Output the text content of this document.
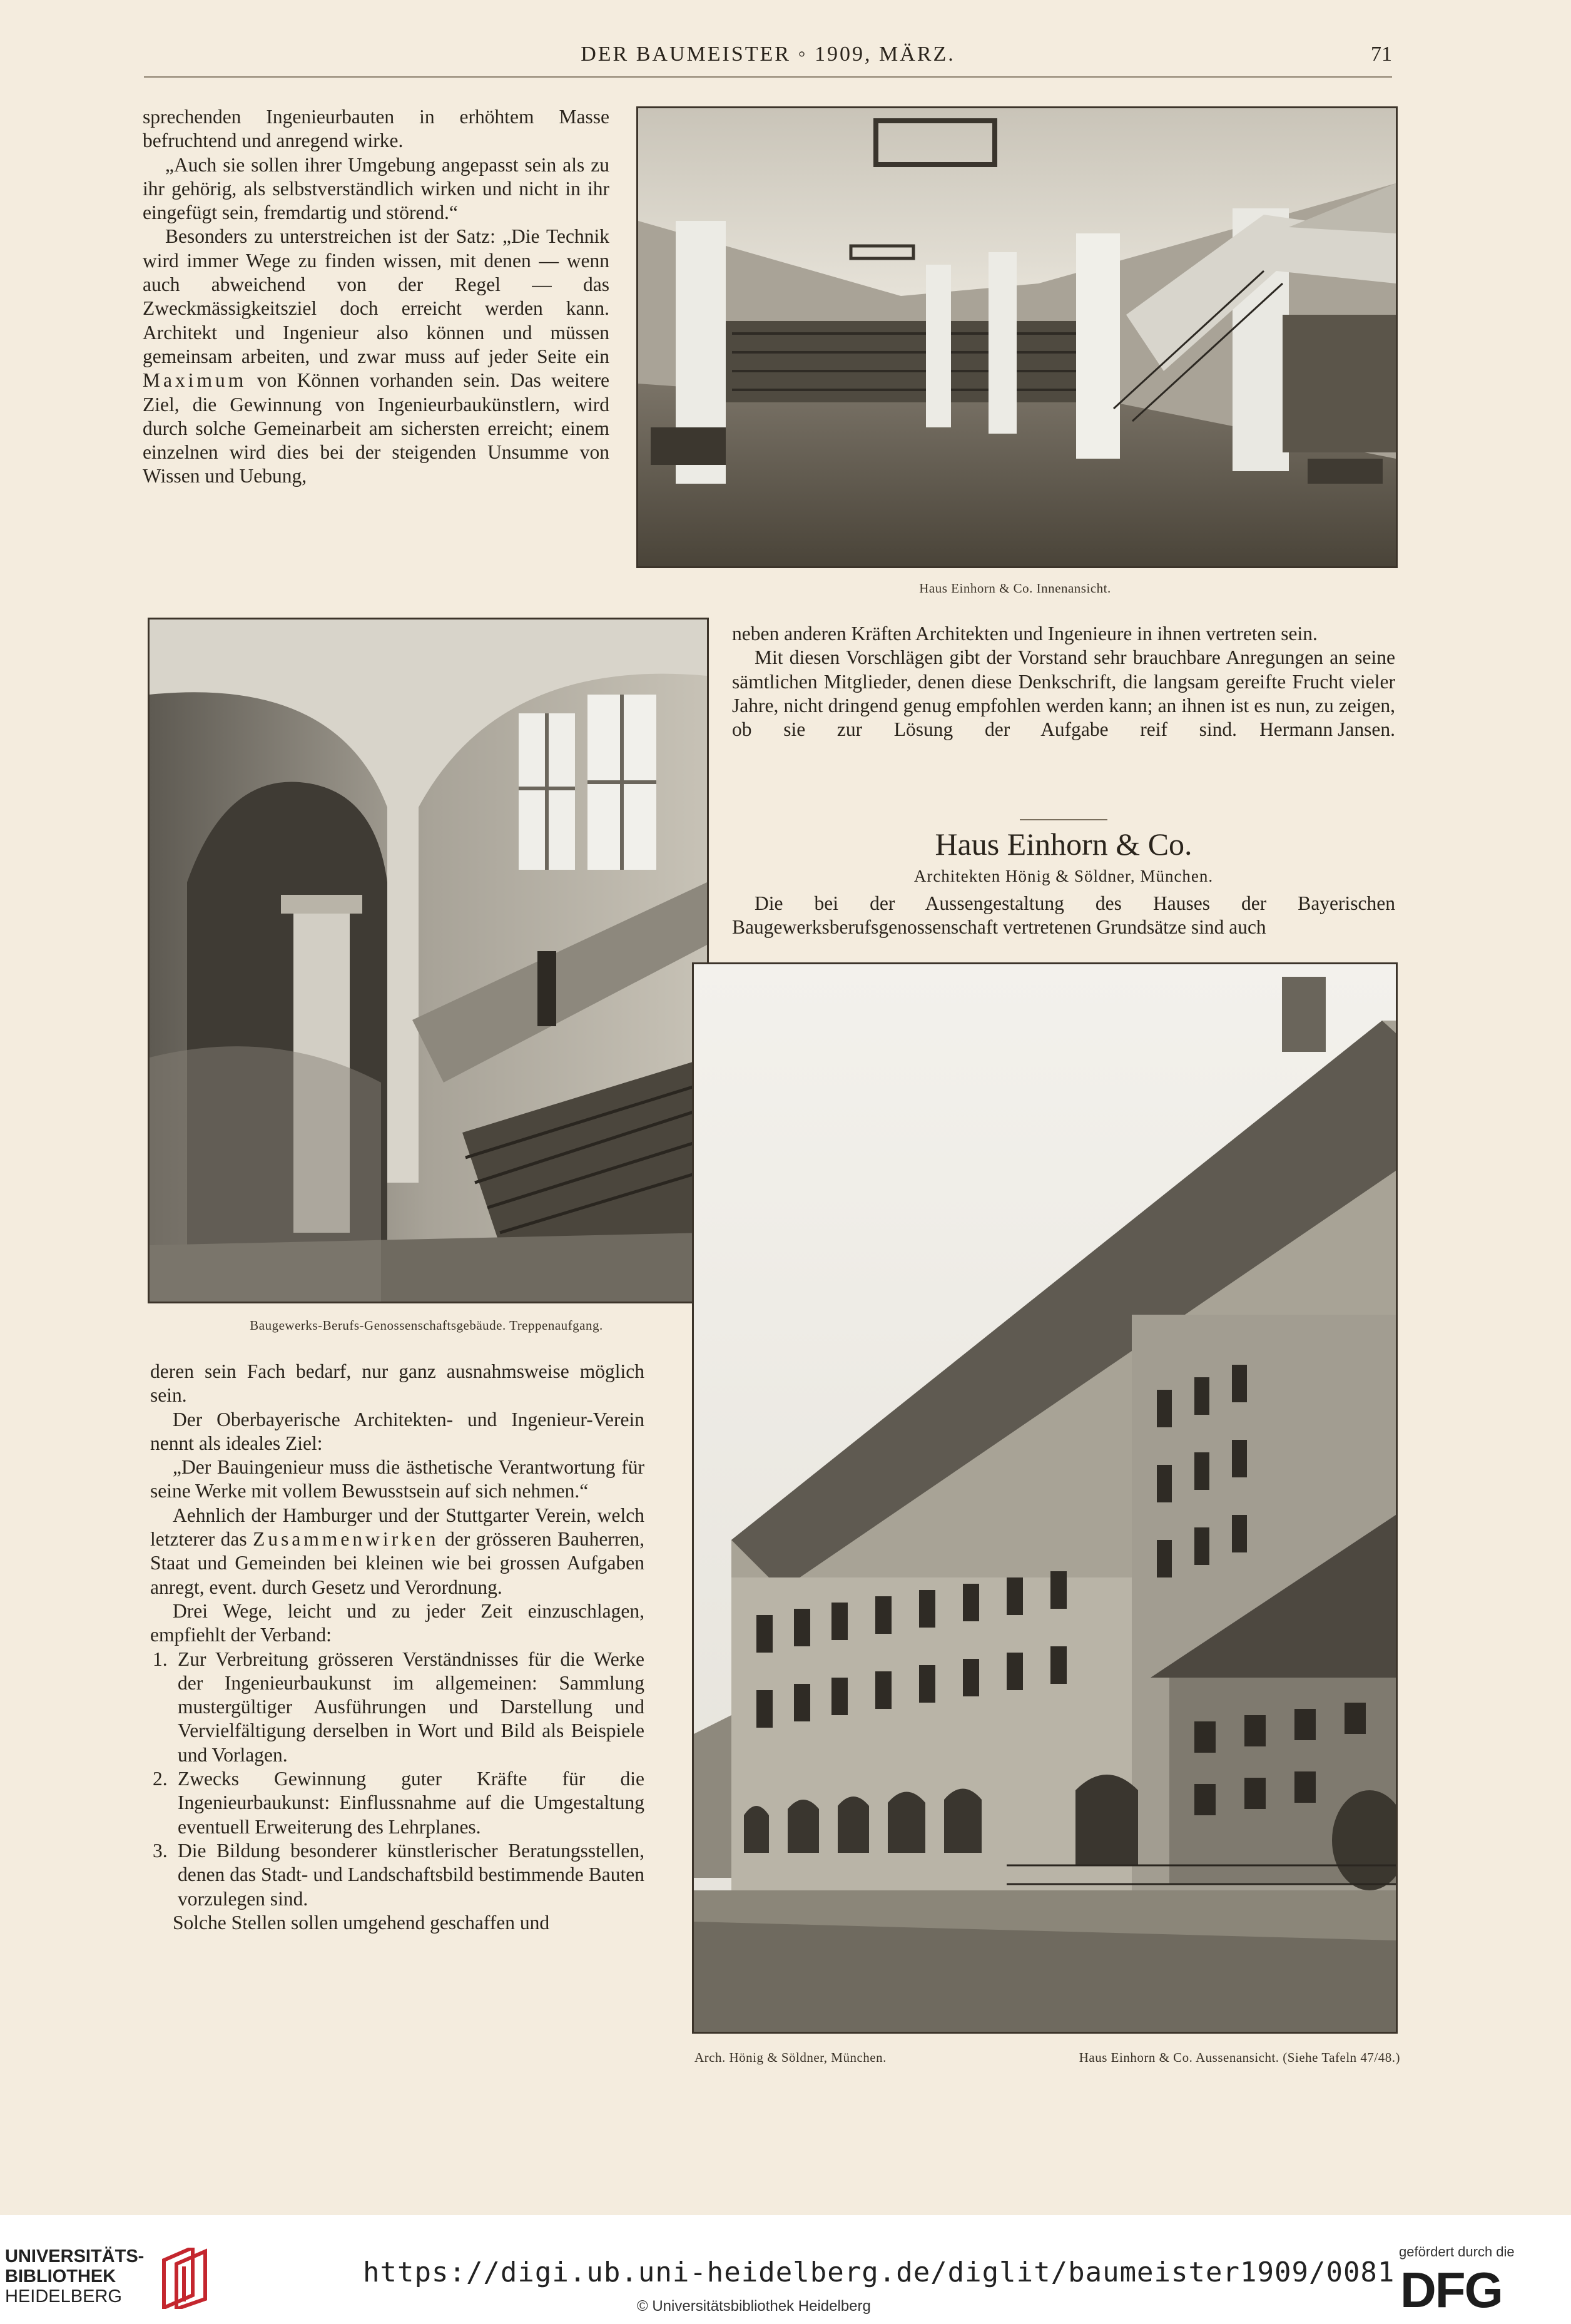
DER BAUMEISTER ◦ 1909, MÄRZ.	71

sprechenden Ingenieurbauten in erhöhtem Masse befruchtend und anregend wirke.

„Auch sie sollen ihrer Umgebung angepasst sein als zu ihr gehörig, als selbstverständlich wirken und nicht in ihr eingefügt sein, fremdartig und störend.“

Besonders zu unterstreichen ist der Satz: „Die Technik wird immer Wege zu finden wissen, mit denen — wenn auch abweichend von der Regel — das Zweckmässigkeitsziel doch erreicht werden kann. Architekt und Ingenieur also können und müssen gemeinsam arbeiten, und zwar muss auf jeder Seite ein Maximum von Können vorhanden sein. Das weitere Ziel, die Gewinnung von Ingenieurbaukünstlern, wird durch solche Gemeinarbeit am sichersten erreicht; einem einzelnen wird dies bei der steigenden Unsumme von Wissen und Uebung,

Haus Einhorn & Co. Innenansicht.
Baugewerks-Berufs-Genossenschaftsgebäude. Treppenaufgang.

neben anderen Kräften Architekten und Ingenieure in ihnen vertreten sein.

Mit diesen Vorschlägen gibt der Vorstand sehr brauchbare Anregungen an seine sämtlichen Mitglieder, denen diese Denkschrift, die langsam gereifte Frucht vieler Jahre, nicht dringend genug empfohlen werden kann; an ihnen ist es nun, zu zeigen, ob sie zur Lösung der Aufgabe reif sind.	Hermann Jansen.

Haus Einhorn & Co.
Architekten Hönig & Söldner, München.

Die bei der Aussengestaltung des Hauses der Bayerischen Baugewerksberufsgenossenschaft vertretenen Grundsätze sind auch

Arch. Hönig & Söldner, München.	Haus Einhorn & Co. Aussenansicht. (Siehe Tafeln 47/48.)

deren sein Fach bedarf, nur ganz ausnahmsweise möglich sein.

Der Oberbayerische Architekten- und Ingenieur-Verein nennt als ideales Ziel:

„Der Bauingenieur muss die ästhetische Verantwortung für seine Werke mit vollem Bewusstsein auf sich nehmen.“

Aehnlich der Hamburger und der Stuttgarter Verein, welch letzterer das Zusammenwirken der grösseren Bauherren, Staat und Gemeinden bei kleinen wie bei grossen Aufgaben anregt, event. durch Gesetz und Verordnung.

Drei Wege, leicht und zu jeder Zeit einzuschlagen, empfiehlt der Verband:

1. Zur Verbreitung grösseren Verständnisses für die Werke der Ingenieurbaukunst im allgemeinen: Sammlung mustergültiger Ausführungen und Darstellung und Vervielfältigung derselben in Wort und Bild als Beispiele und Vorlagen.

2. Zwecks Gewinnung guter Kräfte für die Ingenieurbaukunst: Einflussnahme auf die Umgestaltung eventuell Erweiterung des Lehrplanes.

3. Die Bildung besonderer künstlerischer Beratungsstellen, denen das Stadt- und Landschaftsbild bestimmende Bauten vorzulegen sind.

Solche Stellen sollen umgehend geschaffen und

UNIVERSITÄTS-
BIBLIOTHEK
HEIDELBERG
https://digi.ub.uni-heidelberg.de/diglit/baumeister1909/0081
© Universitätsbibliothek Heidelberg
gefördert durch die
DFG
